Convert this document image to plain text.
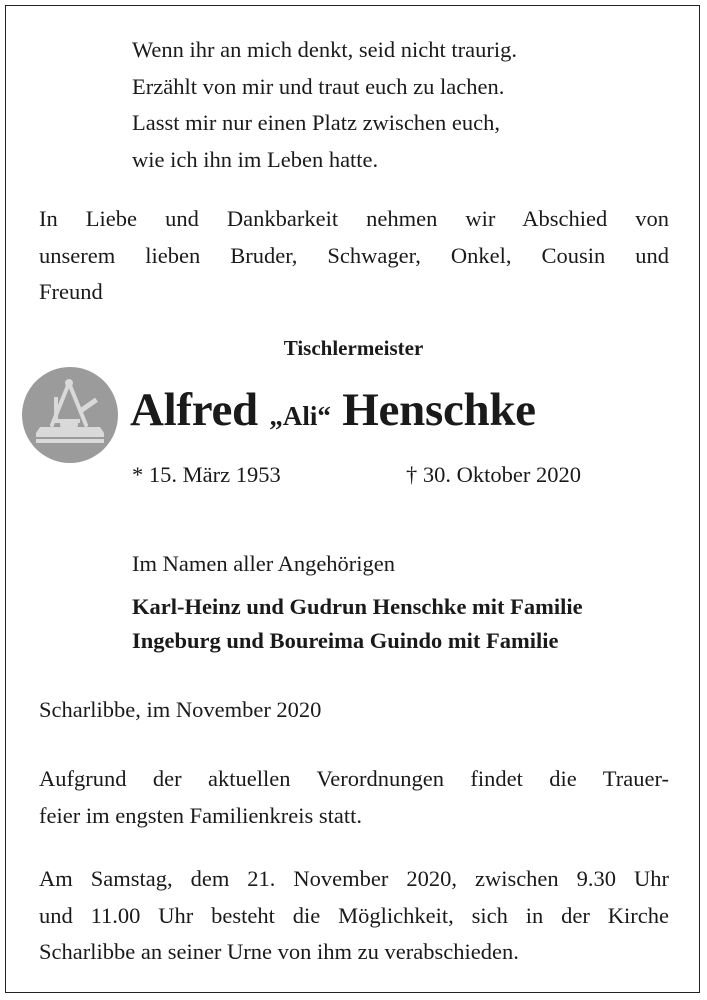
Wenn ihr an mich denkt, seid nicht traurig.
Erzählt von mir und traut euch zu lachen.
Lasst mir nur einen Platz zwischen euch,
wie ich ihn im Leben hatte.
In Liebe und Dankbarkeit nehmen wir Abschied von
unserem lieben Bruder, Schwager, Onkel, Cousin und
Freund
Tischlermeister
Alfred „Ali“ Henschke
* 15. März 1953	† 30. Oktober 2020
Im Namen aller Angehörigen
Karl-Heinz und Gudrun Henschke mit Familie
Ingeburg und Boureima Guindo mit Familie
Scharlibbe, im November 2020
Aufgrund der aktuellen Verordnungen findet die Trauer-
feier im engsten Familienkreis statt.
Am Samstag, dem 21. November 2020, zwischen 9.30 Uhr
und 11.00 Uhr besteht die Möglichkeit, sich in der Kirche
Scharlibbe an seiner Urne von ihm zu verabschieden.
